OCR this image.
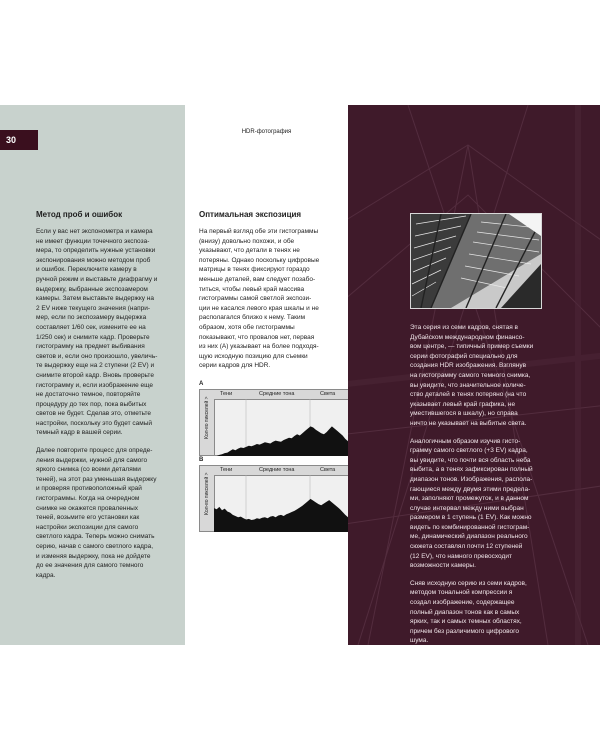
30
Метод проб и ошибок

Если у вас нет экспонометра и камера
не имеет функции точечного экспозa-
мера, то определить нужные установки
экспонирования можно методом проб
и ошибок. Переключите камеру в
ручной режим и выставьте диафрагму и
выдержку, выбранные экспозамером
камеры. Затем выставьте выдержку на
2 EV ниже текущего значения (напри-
мер, если по экспозамеру выдержка
составляет 1/60 сек, измените ее на
1/250 сек) и снимите кадр. Проверьте
гистограмму на предмет выбивания
светов и, если оно произошло, увеличь-
те выдержку еще на 2 ступени (2 EV) и
снимите второй кадр. Вновь проверьте
гистограмму и, если изображение еще
не достаточно темное, повторяйте
процедуру до тех пор, пока выбитых
светов не будет. Сделав это, отметьте
настройки, поскольку это будет самый
темный кадр в вашей серии.

Далее повторите процесс для опреде-
ления выдержки, нужной для самого
яркого снимка (со всеми деталями
теней), на этот раз уменьшая выдержку
и проверяя противоположный край
гистограммы. Когда на очередном
снимке не окажется проваленных
теней, возьмите его установки как
настройки экспозиции для самого
светлого кадра. Теперь можно снимать
серию, начав с самого светлого кадра,
и изменяя выдержку, пока не дойдете
до ее значения для самого темного
кадра.

HDR-фотография
Оптимальная экспозиция

На первый взгляд обе эти гистограммы
(внизу) довольно похожи, и обе
указывают, что детали в тенях не
потеряны. Однако поскольку цифровые
матрицы в тенях фиксируют гораздо
меньше деталей, вам следует позабо-
титься, чтобы левый край массива
гистограммы самой светлой экспози-
ции не касался левого края шкалы и не
располагался близко к нему. Таким
образом, хотя обе гистограммы
показывают, что провалов нет, первая
из них (A) указывает на более подходя-
щую исходную позицию для съемки
серии кадров для HDR.

A
Кол-во пикселей >
Тени	Средние тона	Света
B
Кол-во пикселей >
Тени	Средние тона	Света

Эта серия из семи кадров, снятая в
Дубайском международном финансо-
вом центре, — типичный пример съемки
серии фотографий специально для
создания HDR изображения. Взглянув
на гистограмму самого темного снимка,
вы увидите, что значительное количе-
ство деталей в тенях потеряно (на что
указывает левый край графика, не
уместившегося в шкалу), но справа
ничто не указывает на выбитые света.

Аналогичным образом изучив гисто-
грамму самого светлого (+3 EV) кадра,
вы увидите, что почти вся область неба
выбита, а в тенях зафиксирован полный
диапазон тонов. Изображения, распола-
гающиеся между двумя этими предела-
ми, заполняют промежуток, и в данном
случае интервал между ними выбран
размером в 1 ступень (1 EV). Как можно
видеть по комбинированной гистограм-
ме, динамический диапазон реального
сюжета составлял почти 12 ступеней
(12 EV), что намного превосходит
возможности камеры.

Сняв исходную серию из семи кадров,
методом тональной компрессии я
создал изображение, содержащее
полный диапазон тонов как в самых
ярких, так и самых темных областях,
причем без различимого цифрового
шума.
